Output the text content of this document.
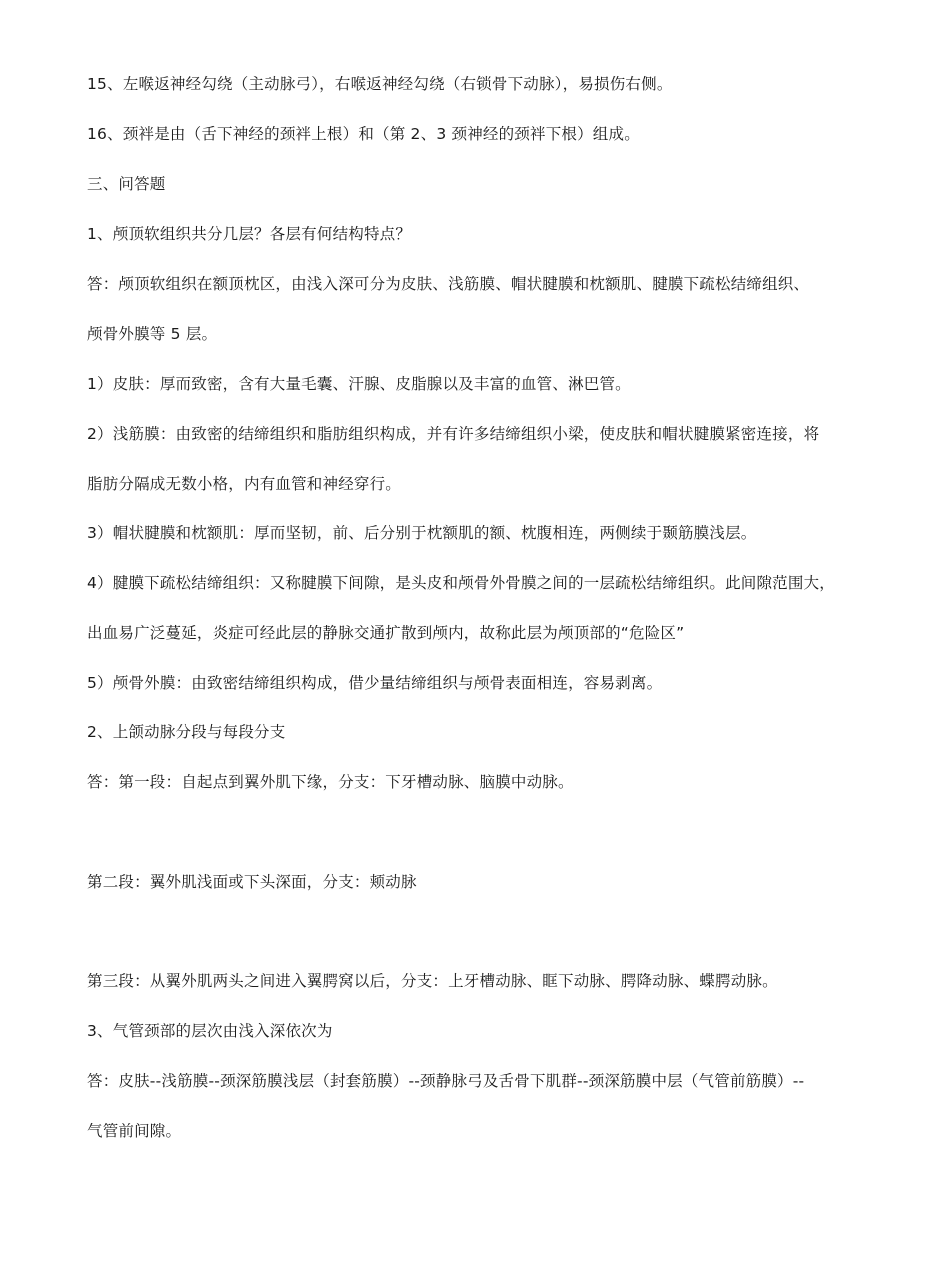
15、左喉返神经勾绕（主动脉弓），右喉返神经勾绕（右锁骨下动脉），易损伤右侧。
16、颈袢是由（舌下神经的颈袢上根）和（第 2、3 颈神经的颈袢下根）组成。
三、问答题
1、颅顶软组织共分几层？各层有何结构特点？
答：颅顶软组织在额顶枕区，由浅入深可分为皮肤、浅筋膜、帽状腱膜和枕额肌、腱膜下疏松结缔组织、
颅骨外膜等 5 层。
1）皮肤：厚而致密，含有大量毛囊、汗腺、皮脂腺以及丰富的血管、淋巴管。
2）浅筋膜：由致密的结缔组织和脂肪组织构成，并有许多结缔组织小梁，使皮肤和帽状腱膜紧密连接，将
脂肪分隔成无数小格，内有血管和神经穿行。
3）帽状腱膜和枕额肌：厚而坚韧，前、后分别于枕额肌的额、枕腹相连，两侧续于颞筋膜浅层。
4）腱膜下疏松结缔组织：又称腱膜下间隙，是头皮和颅骨外骨膜之间的一层疏松结缔组织。此间隙范围大，
出血易广泛蔓延，炎症可经此层的静脉交通扩散到颅内，故称此层为颅顶部的“危险区”
5）颅骨外膜：由致密结缔组织构成，借少量结缔组织与颅骨表面相连，容易剥离。
2、上颌动脉分段与每段分支
答：第一段：自起点到翼外肌下缘，分支：下牙槽动脉、脑膜中动脉。
第二段：翼外肌浅面或下头深面，分支：颊动脉
第三段：从翼外肌两头之间进入翼腭窝以后，分支：上牙槽动脉、眶下动脉、腭降动脉、蝶腭动脉。
3、气管颈部的层次由浅入深依次为
答：皮肤--浅筋膜--颈深筋膜浅层（封套筋膜）--颈静脉弓及舌骨下肌群--颈深筋膜中层（气管前筋膜）--
气管前间隙。
